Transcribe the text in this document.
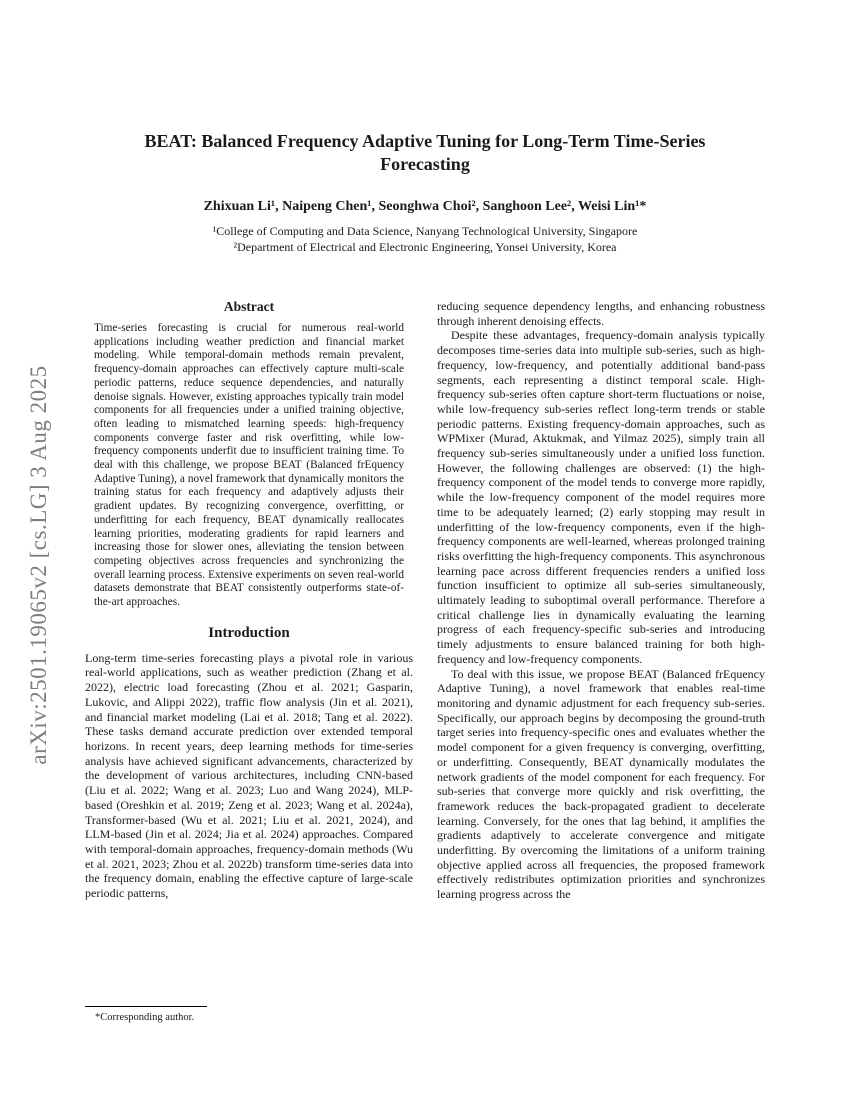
arXiv:2501.19065v2 [cs.LG] 3 Aug 2025
BEAT: Balanced Frequency Adaptive Tuning for Long-Term Time-Series Forecasting
Zhixuan Li¹, Naipeng Chen¹, Seonghwa Choi², Sanghoon Lee², Weisi Lin¹*
¹College of Computing and Data Science, Nanyang Technological University, Singapore
²Department of Electrical and Electronic Engineering, Yonsei University, Korea
Abstract
Time-series forecasting is crucial for numerous real-world applications including weather prediction and financial market modeling. While temporal-domain methods remain prevalent, frequency-domain approaches can effectively capture multi-scale periodic patterns, reduce sequence dependencies, and naturally denoise signals. However, existing approaches typically train model components for all frequencies under a unified training objective, often leading to mismatched learning speeds: high-frequency components converge faster and risk overfitting, while low-frequency components underfit due to insufficient training time. To deal with this challenge, we propose BEAT (Balanced frEquency Adaptive Tuning), a novel framework that dynamically monitors the training status for each frequency and adaptively adjusts their gradient updates. By recognizing convergence, overfitting, or underfitting for each frequency, BEAT dynamically reallocates learning priorities, moderating gradients for rapid learners and increasing those for slower ones, alleviating the tension between competing objectives across frequencies and synchronizing the overall learning process. Extensive experiments on seven real-world datasets demonstrate that BEAT consistently outperforms state-of-the-art approaches.
Introduction

Long-term time-series forecasting plays a pivotal role in various real-world applications, such as weather prediction (Zhang et al. 2022), electric load forecasting (Zhou et al. 2021; Gasparin, Lukovic, and Alippi 2022), traffic flow analysis (Jin et al. 2021), and financial market modeling (Lai et al. 2018; Tang et al. 2022). These tasks demand accurate prediction over extended temporal horizons. In recent years, deep learning methods for time-series analysis have achieved significant advancements, characterized by the development of various architectures, including CNN-based (Liu et al. 2022; Wang et al. 2023; Luo and Wang 2024), MLP-based (Oreshkin et al. 2019; Zeng et al. 2023; Wang et al. 2024a), Transformer-based (Wu et al. 2021; Liu et al. 2021, 2024), and LLM-based (Jin et al. 2024; Jia et al. 2024) approaches. Compared with temporal-domain approaches, frequency-domain methods (Wu et al. 2021, 2023; Zhou et al. 2022b) transform time-series data into the frequency domain, enabling the effective capture of large-scale periodic patterns,

reducing sequence dependency lengths, and enhancing robustness through inherent denoising effects.

Despite these advantages, frequency-domain analysis typically decomposes time-series data into multiple sub-series, such as high-frequency, low-frequency, and potentially additional band-pass segments, each representing a distinct temporal scale. High-frequency sub-series often capture short-term fluctuations or noise, while low-frequency sub-series reflect long-term trends or stable periodic patterns. Existing frequency-domain approaches, such as WPMixer (Murad, Aktukmak, and Yilmaz 2025), simply train all frequency sub-series simultaneously under a unified loss function. However, the following challenges are observed: (1) the high-frequency component of the model tends to converge more rapidly, while the low-frequency component of the model requires more time to be adequately learned; (2) early stopping may result in underfitting of the low-frequency components, even if the high-frequency components are well-learned, whereas prolonged training risks overfitting the high-frequency components. This asynchronous learning pace across different frequencies renders a unified loss function insufficient to optimize all sub-series simultaneously, ultimately leading to suboptimal overall performance. Therefore a critical challenge lies in dynamically evaluating the learning progress of each frequency-specific sub-series and introducing timely adjustments to ensure balanced training for both high-frequency and low-frequency components.

To deal with this issue, we propose BEAT (Balanced frEquency Adaptive Tuning), a novel framework that enables real-time monitoring and dynamic adjustment for each frequency sub-series. Specifically, our approach begins by decomposing the ground-truth target series into frequency-specific ones and evaluates whether the model component for a given frequency is converging, overfitting, or underfitting. Consequently, BEAT dynamically modulates the network gradients of the model component for each frequency. For sub-series that converge more quickly and risk overfitting, the framework reduces the back-propagated gradient to decelerate learning. Conversely, for the ones that lag behind, it amplifies the gradients adaptively to accelerate convergence and mitigate underfitting. By overcoming the limitations of a uniform training objective applied across all frequencies, the proposed framework effectively redistributes optimization priorities and synchronizes learning progress across the

*Corresponding author.
